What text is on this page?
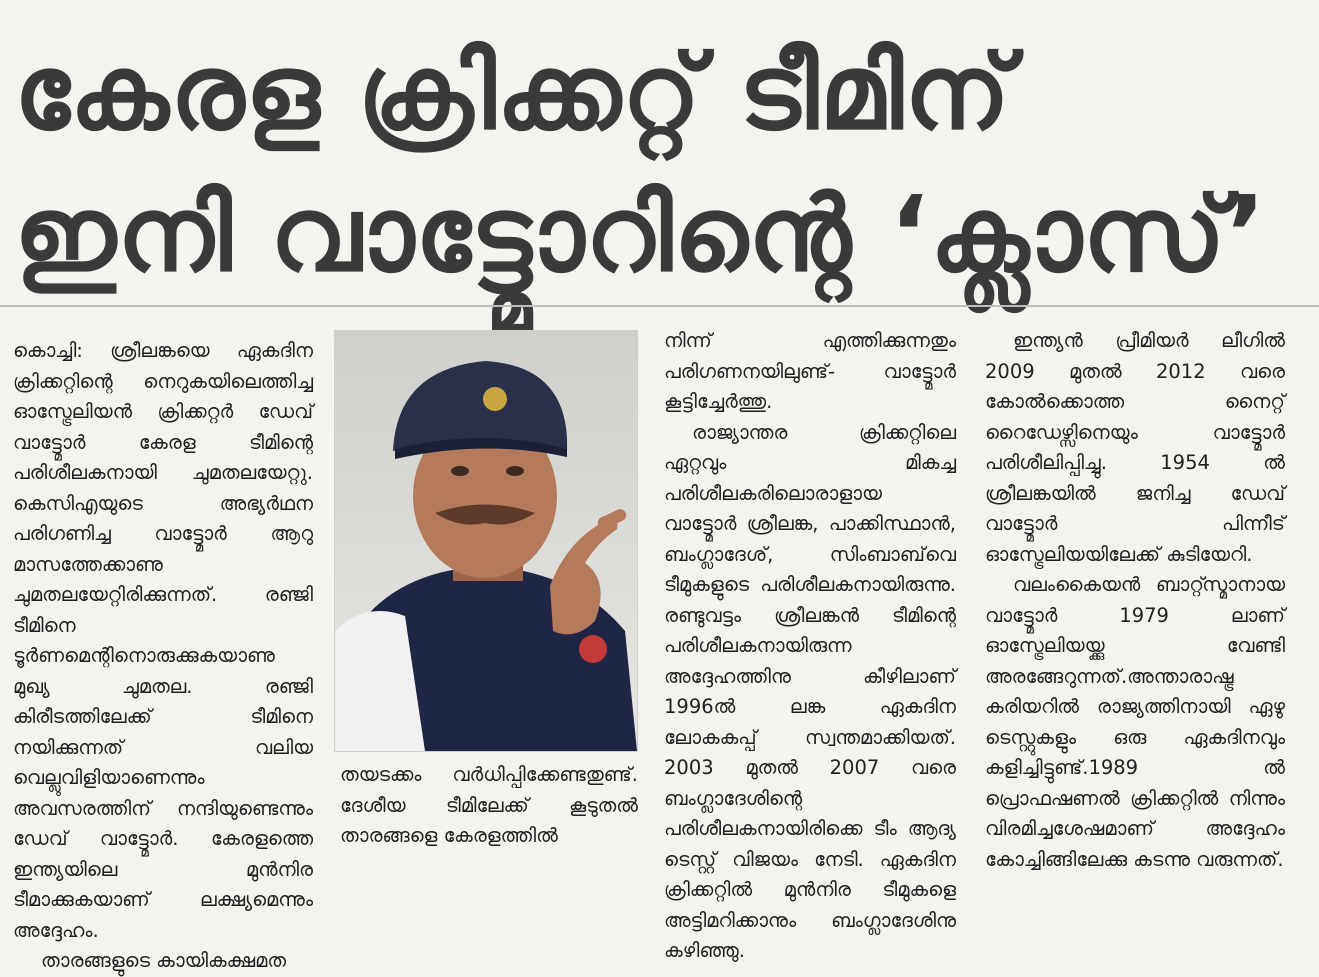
കേരള ക്രിക്കറ്റ് ടീമിന്
ഇനി വാട്ട്മോറിന്റെ ‘ക്ലാസ്’

കൊച്ചി: ശ്രീലങ്കയെ ഏകദിന ക്രിക്കറ്റിന്റെ നെറുകയിലെത്തിച്ച ഓസ്ട്രേലിയൻ ക്രിക്കറ്റർ ഡേവ് വാട്ട്മോർ കേരള ടീമിന്റെ പരിശീലകനായി ചുമതലയേറ്റു. കെസിഎയുടെ അഭ്യർഥന പരിഗണിച്ച വാട്ട്മോർ ആറു മാസത്തേക്കാണു ചുമതലയേറ്റിരിക്കുന്നത്. രഞ്ജി ടീമിനെ ടൂർണമെന്റിനൊരുക്കുകയാണു മുഖ്യ ചുമതല. രഞ്ജി കിരീടത്തിലേക്ക് ടീമിനെ നയിക്കുന്നത് വലിയ വെല്ലുവിളിയാണെന്നും അവസരത്തിന് നന്ദിയുണ്ടെന്നും ഡേവ് വാട്ട്മോർ. കേരളത്തെ ഇന്ത്യയിലെ മുൻനിര ടീമാക്കുകയാണ് ലക്ഷ്യമെന്നും അദ്ദേഹം.

താരങ്ങളുടെ കായികക്ഷമത

തയടക്കം വർധിപ്പിക്കേണ്ടതുണ്ട്. ദേശീയ ടീമിലേക്ക് കൂടുതൽ താരങ്ങളെ കേരളത്തിൽ

നിന്ന് എത്തിക്കുന്നതും പരിഗണനയിലുണ്ട്- വാട്ട്മോർ കൂട്ടിച്ചേർത്തു.

രാജ്യാന്തര ക്രിക്കറ്റിലെ ഏറ്റവും മികച്ച പരിശീലകരിലൊരാളായ വാട്ട്മോർ ശ്രീലങ്ക, പാക്കിസ്ഥാൻ, ബംഗ്ലാദേശ്, സിംബാബ്‌വെ ടീമുകളുടെ പരിശീലകനായിരുന്നു. രണ്ടുവട്ടം ശ്രീലങ്കൻ ടീമിന്റെ പരിശീലകനായിരുന്ന അദ്ദേഹത്തിനു കീഴിലാണ് 1996ൽ ലങ്ക ഏകദിന ലോകകപ്പ് സ്വന്തമാക്കിയത്. 2003 മുതൽ 2007 വരെ ബംഗ്ലാദേശിന്റെ പരിശീലകനായിരിക്കെ ടീം ആദ്യ ടെസ്റ്റ് വിജയം നേടി. ഏകദിന ക്രിക്കറ്റിൽ മുൻനിര ടീമുകളെ അട്ടിമറിക്കാനും ബംഗ്ലാദേശിനു കഴിഞ്ഞു.

ഇന്ത്യൻ പ്രീമിയർ ലീഗിൽ 2009 മുതൽ 2012 വരെ കോൽക്കൊത്ത നൈറ്റ് റൈഡേഴ്സിനെയും വാട്ട്മോർ പരിശീലിപ്പിച്ചു. 1954 ൽ ശ്രീലങ്കയിൽ ജനിച്ച ഡേവ് വാട്ട്മോർ പിന്നീട് ഓസ്ട്രേലിയയിലേക്ക് കുടിയേറി.

വലംകൈയൻ ബാറ്റ്സ്മാനായ വാട്ട്മോർ 1979 ലാണ് ഓസ്ട്രേലിയയ്ക്കു വേണ്ടി അരങ്ങേറുന്നത്.അന്താരാഷ്ട്ര കരിയറിൽ രാജ്യത്തിനായി ഏഴു ടെസ്റ്റുകളും ഒരു ഏകദിനവും കളിച്ചിട്ടുണ്ട്.1989 ൽ പ്രൊഫഷണൽ ക്രിക്കറ്റിൽ നിന്നും വിരമിച്ചശേഷമാണ് അദ്ദേഹം കോച്ചിങ്ങിലേക്കു കടന്നു വരുന്നത്.
